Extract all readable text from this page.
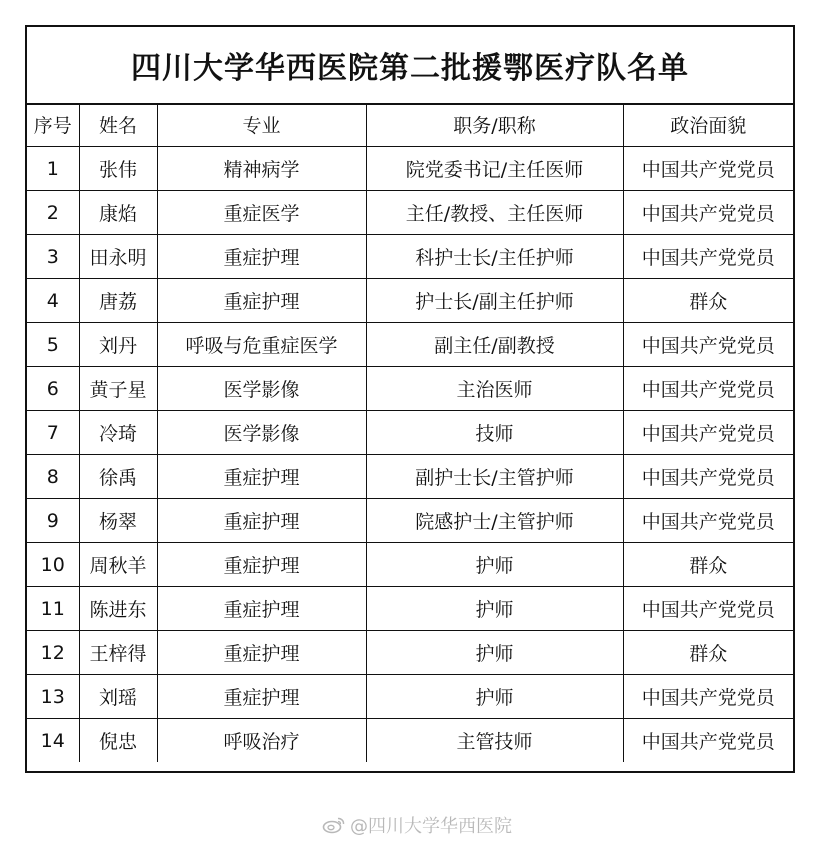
四川大学华西医院第二批援鄂医疗队名单
序号	姓名	专业	职务/职称	政治面貌
1	张伟	精神病学	院党委书记/主任医师	中国共产党党员
2	康焰	重症医学	主任/教授、主任医师	中国共产党党员
3	田永明	重症护理	科护士长/主任护师	中国共产党党员
4	唐荔	重症护理	护士长/副主任护师	群众
5	刘丹	呼吸与危重症医学	副主任/副教授	中国共产党党员
6	黄子星	医学影像	主治医师	中国共产党党员
7	冷琦	医学影像	技师	中国共产党党员
8	徐禹	重症护理	副护士长/主管护师	中国共产党党员
9	杨翠	重症护理	院感护士/主管护师	中国共产党党员
10	周秋羊	重症护理	护师	群众
11	陈进东	重症护理	护师	中国共产党党员
12	王梓得	重症护理	护师	群众
13	刘瑶	重症护理	护师	中国共产党党员
14	倪忠	呼吸治疗	主管技师	中国共产党党员
@四川大学华西医院
